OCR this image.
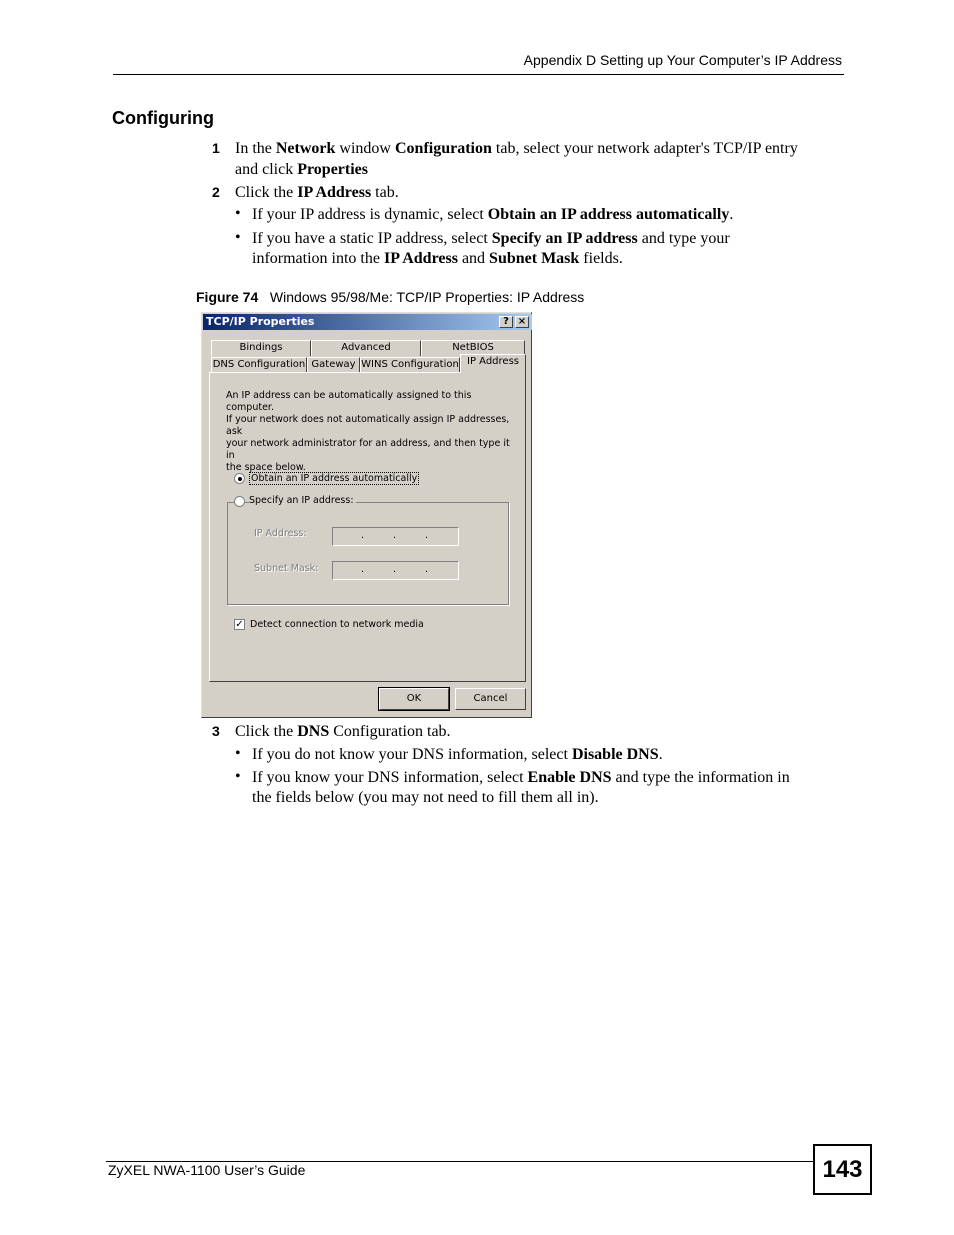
Appendix D Setting up Your Computer’s IP Address
Configuring
1 In the Network window Configuration tab, select your network adapter's TCP/IP entry
and click Properties
2 Click the IP Address tab.
• If your IP address is dynamic, select Obtain an IP address automatically.
• If you have a static IP address, select Specify an IP address and type your
information into the IP Address and Subnet Mask fields.
Figure 74 Windows 95/98/Me: TCP/IP Properties: IP Address
TCP/IP Properties	? ×
Bindings	Advanced	NetBIOS
DNS Configuration Gateway WINS Configuration IP Address
An IP address can be automatically assigned to this computer.
If your network does not automatically assign IP addresses, ask
your network administrator for an address, and then type it in
the space below.
Obtain an IP address automatically
Specify an IP address:
IP Address:	.	.	.
Subnet Mask:	.	.	.
✓ Detect connection to network media
OK	Cancel
3 Click the DNS Configuration tab.
• If you do not know your DNS information, select Disable DNS.
• If you know your DNS information, select Enable DNS and type the information in
the fields below (you may not need to fill them all in).
ZyXEL NWA-1100 User’s Guide	143
